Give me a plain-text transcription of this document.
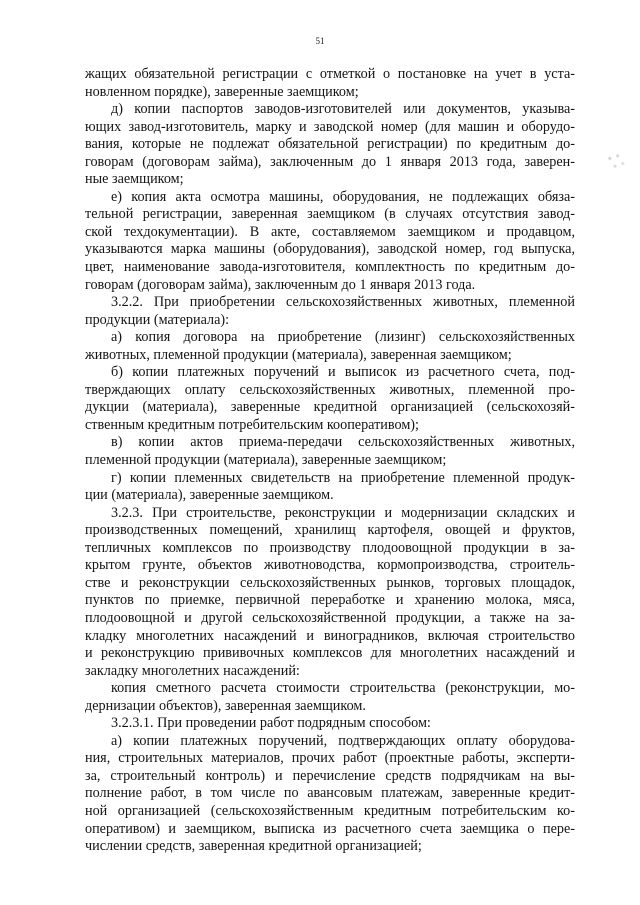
51
жащих обязательной регистрации с отметкой о постановке на учет в уста-
новленном порядке), заверенные заемщиком;
д) копии паспортов заводов-изготовителей или документов, указыва-
ющих завод-изготовитель, марку и заводской номер (для машин и оборудо-
вания, которые не подлежат обязательной регистрации) по кредитным до-
говорам (договорам займа), заключенным до 1 января 2013 года, заверен-
ные заемщиком;
е) копия акта осмотра машины, оборудования, не подлежащих обяза-
тельной регистрации, заверенная заемщиком (в случаях отсутствия завод-
ской техдокументации). В акте, составляемом заемщиком и продавцом,
указываются марка машины (оборудования), заводской номер, год выпуска,
цвет, наименование завода-изготовителя, комплектность по кредитным до-
говорам (договорам займа), заключенным до 1 января 2013 года.
3.2.2. При приобретении сельскохозяйственных животных, племенной
продукции (материала):
а) копия договора на приобретение (лизинг) сельскохозяйственных
животных, племенной продукции (материала), заверенная заемщиком;
б) копии платежных поручений и выписок из расчетного счета, под-
тверждающих оплату сельскохозяйственных животных, племенной про-
дукции (материала), заверенные кредитной организацией (сельскохозяй-
ственным кредитным потребительским кооперативом);
в) копии актов приема-передачи сельскохозяйственных животных,
племенной продукции (материала), заверенные заемщиком;
г) копии племенных свидетельств на приобретение племенной продук-
ции (материала), заверенные заемщиком.
3.2.3. При строительстве, реконструкции и модернизации складских и
производственных помещений, хранилищ картофеля, овощей и фруктов,
тепличных комплексов по производству плодоовощной продукции в за-
крытом грунте, объектов животноводства, кормопроизводства, строитель-
стве и реконструкции сельскохозяйственных рынков, торговых площадок,
пунктов по приемке, первичной переработке и хранению молока, мяса,
плодоовощной и другой сельскохозяйственной продукции, а также на за-
кладку многолетних насаждений и виноградников, включая строительство
и реконструкцию прививочных комплексов для многолетних насаждений и
закладку многолетних насаждений:
копия сметного расчета стоимости строительства (реконструкции, мо-
дернизации объектов), заверенная заемщиком.
3.2.3.1. При проведении работ подрядным способом:
а) копии платежных поручений, подтверждающих оплату оборудова-
ния, строительных материалов, прочих работ (проектные работы, эксперти-
за, строительный контроль) и перечисление средств подрядчикам на вы-
полнение работ, в том числе по авансовым платежам, заверенные кредит-
ной организацией (сельскохозяйственным кредитным потребительским ко-
оперативом) и заемщиком, выписка из расчетного счета заемщика о пере-
числении средств, заверенная кредитной организацией;
